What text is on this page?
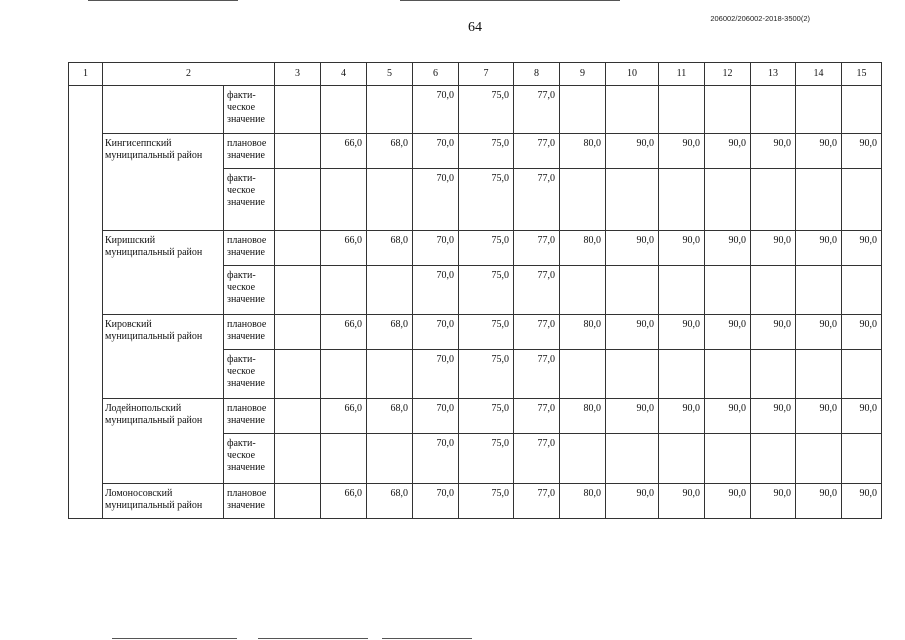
64
206002/206002-2018-3500(2)
1	2		3	4	5	6	7	8	9	10	11	12	13	14	15
		факти-
ческое
значение				70,0	75,0	77,0							
	Кингисеппский
муниципальный район	плановое
значение		66,0	68,0	70,0	75,0	77,0	80,0	90,0	90,0	90,0	90,0	90,0	90,0
		факти-
ческое
значение				70,0	75,0	77,0							
	Киришский
муниципальный район	плановое
значение		66,0	68,0	70,0	75,0	77,0	80,0	90,0	90,0	90,0	90,0	90,0	90,0
		факти-
ческое
значение				70,0	75,0	77,0							
	Кировский
муниципальный район	плановое
значение		66,0	68,0	70,0	75,0	77,0	80,0	90,0	90,0	90,0	90,0	90,0	90,0
		факти-
ческое
значение				70,0	75,0	77,0							
	Лодейнопольский
муниципальный район	плановое
значение		66,0	68,0	70,0	75,0	77,0	80,0	90,0	90,0	90,0	90,0	90,0	90,0
		факти-
ческое
значение				70,0	75,0	77,0							
	Ломоносовский
муниципальный район	плановое
значение		66,0	68,0	70,0	75,0	77,0	80,0	90,0	90,0	90,0	90,0	90,0	90,0
